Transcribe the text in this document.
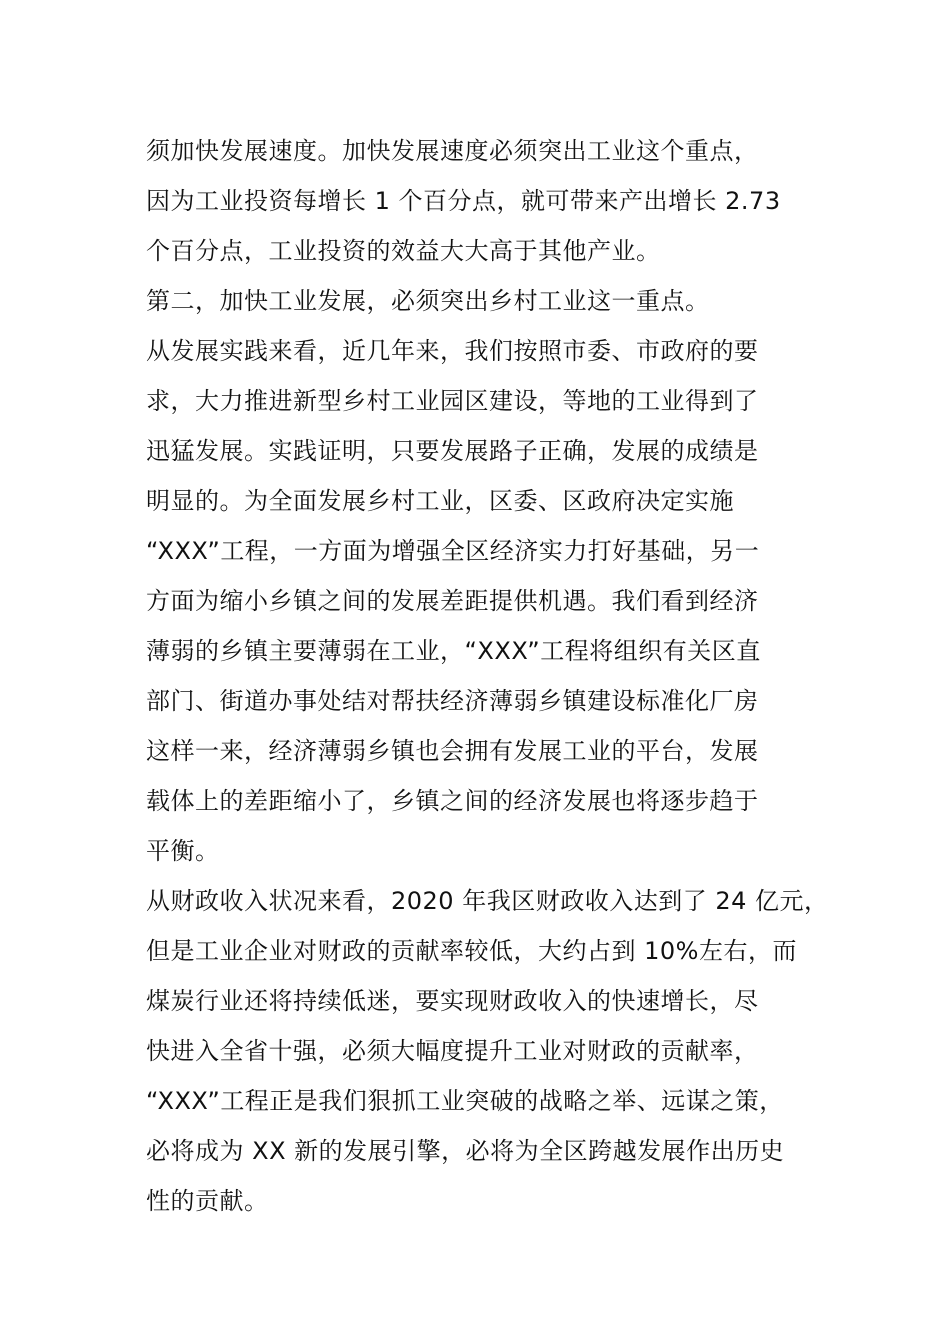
须加快发展速度。加快发展速度必须突出工业这个重点，
因为工业投资每增长 1 个百分点，就可带来产出增长 2.73
个百分点，工业投资的效益大大高于其他产业。
第二，加快工业发展，必须突出乡村工业这一重点。
从发展实践来看，近几年来，我们按照市委、市政府的要
求，大力推进新型乡村工业园区建设，等地的工业得到了
迅猛发展。实践证明，只要发展路子正确，发展的成绩是
明显的。为全面发展乡村工业，区委、区政府决定实施
“XXX”工程，一方面为增强全区经济实力打好基础，另一
方面为缩小乡镇之间的发展差距提供机遇。我们看到经济
薄弱的乡镇主要薄弱在工业，“XXX”工程将组织有关区直
部门、街道办事处结对帮扶经济薄弱乡镇建设标准化厂房
这样一来，经济薄弱乡镇也会拥有发展工业的平台，发展
载体上的差距缩小了，乡镇之间的经济发展也将逐步趋于
平衡。
从财政收入状况来看，2020 年我区财政收入达到了 24 亿元，
但是工业企业对财政的贡献率较低，大约占到 10%左右，而
煤炭行业还将持续低迷，要实现财政收入的快速增长，尽
快进入全省十强，必须大幅度提升工业对财政的贡献率，
“XXX”工程正是我们狠抓工业突破的战略之举、远谋之策，
必将成为 XX 新的发展引擎，必将为全区跨越发展作出历史
性的贡献。
